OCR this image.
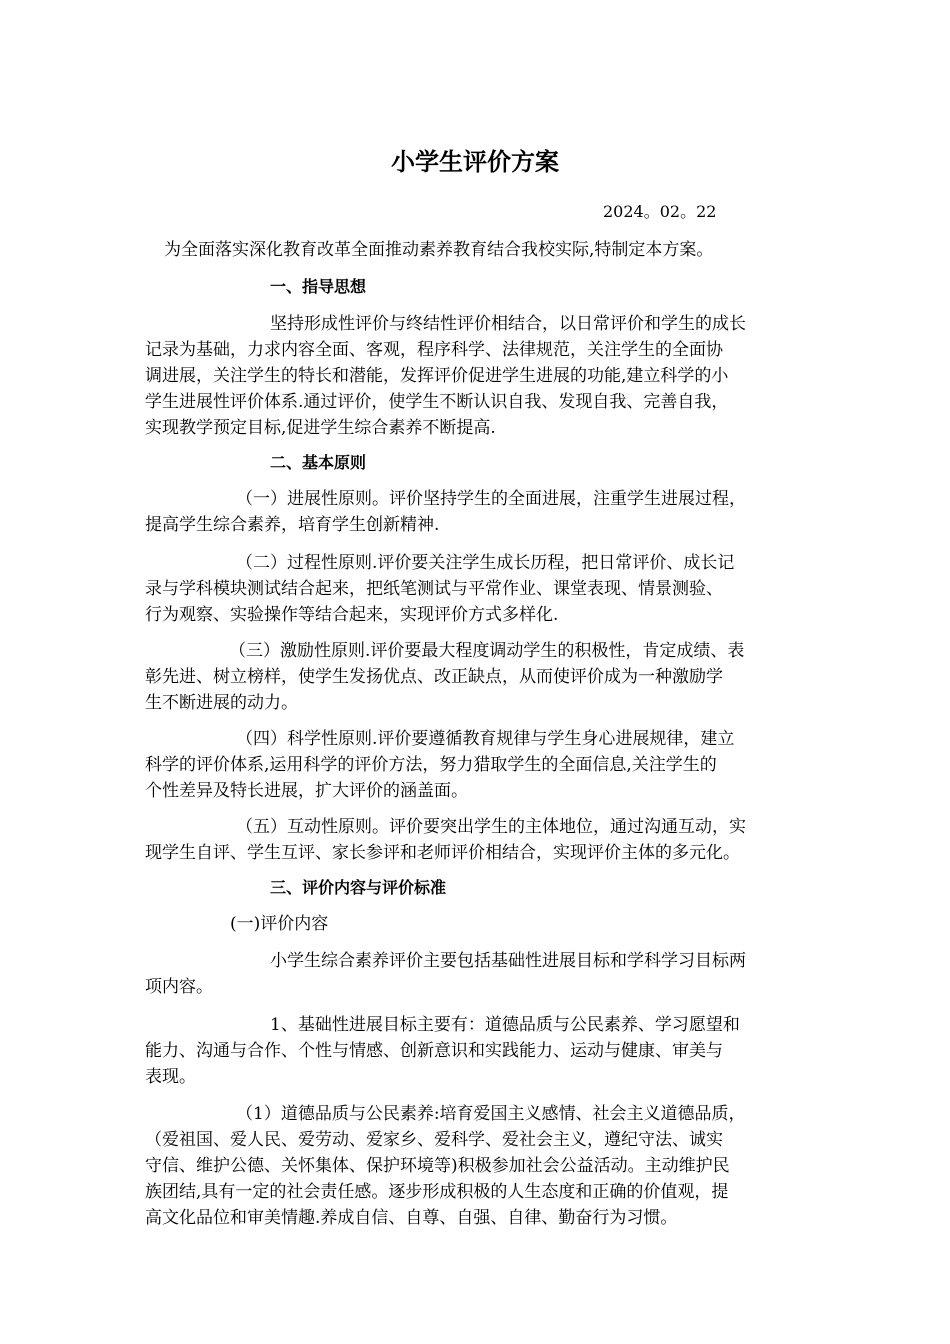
小学生评价方案

2024。02。22

为全面落实深化教育改革全面推动素养教育结合我校实际,特制定本方案。

一、指导思想

坚持形成性评价与终结性评价相结合，以日常评价和学生的成长

记录为基础，力求内容全面、客观，程序科学、法律规范，关注学生的全面协

调进展，关注学生的特长和潜能，发挥评价促进学生进展的功能,建立科学的小

学生进展性评价体系.通过评价，使学生不断认识自我、发现自我、完善自我，

实现教学预定目标,促进学生综合素养不断提高.

二、基本原则

（一）进展性原则。评价坚持学生的全面进展，注重学生进展过程，

提高学生综合素养，培育学生创新精神.

（二）过程性原则.评价要关注学生成长历程，把日常评价、成长记

录与学科模块测试结合起来，把纸笔测试与平常作业、课堂表现、情景测验、

行为观察、实验操作等结合起来，实现评价方式多样化.

（三）激励性原则.评价要最大程度调动学生的积极性，肯定成绩、表

彰先进、树立榜样，使学生发扬优点、改正缺点，从而使评价成为一种激励学

生不断进展的动力。

（四）科学性原则.评价要遵循教育规律与学生身心进展规律，建立

科学的评价体系,运用科学的评价方法，努力猎取学生的全面信息,关注学生的

个性差异及特长进展，扩大评价的涵盖面。

（五）互动性原则。评价要突出学生的主体地位，通过沟通互动，实

现学生自评、学生互评、家长参评和老师评价相结合，实现评价主体的多元化。

三、评价内容与评价标准

(一)评价内容

小学生综合素养评价主要包括基础性进展目标和学科学习目标两

项内容。

1、基础性进展目标主要有：道德品质与公民素养、学习愿望和

能力、沟通与合作、个性与情感、创新意识和实践能力、运动与健康、审美与

表现。

（1）道德品质与公民素养:培育爱国主义感情、社会主义道德品质，

（爱祖国、爱人民、爱劳动、爱家乡、爱科学、爱社会主义，遵纪守法、诚实

守信、维护公德、关怀集体、保护环境等)积极参加社会公益活动。主动维护民

族团结,具有一定的社会责任感。逐步形成积极的人生态度和正确的价值观，提

高文化品位和审美情趣.养成自信、自尊、自强、自律、勤奋行为习惯。
